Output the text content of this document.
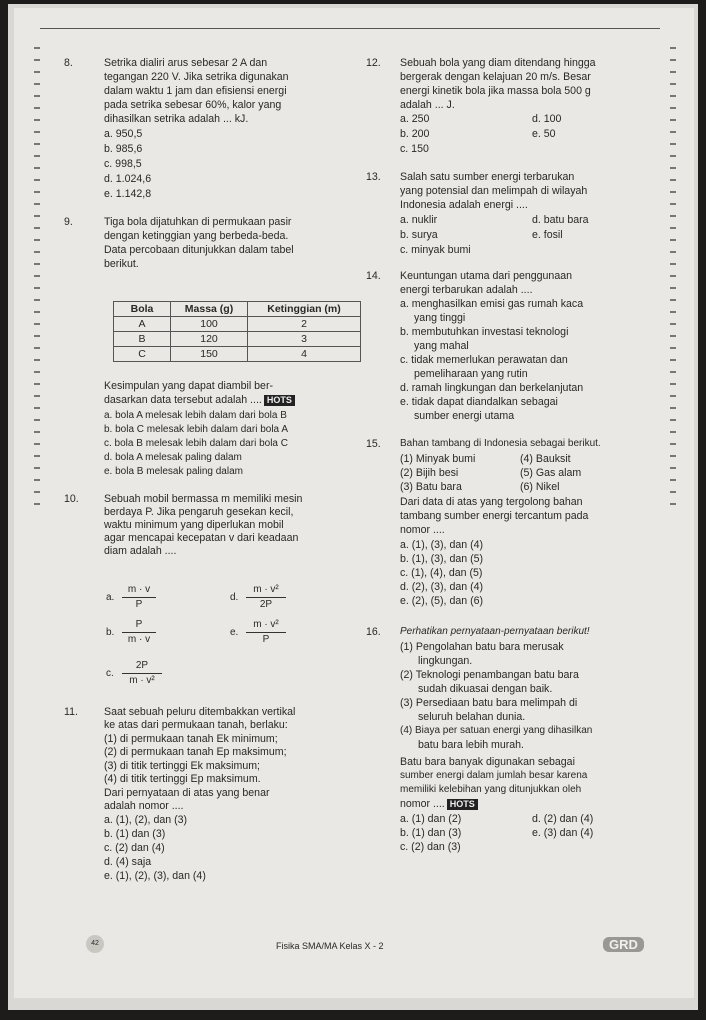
8.	Setrika dialiri arus sebesar 2 A dan
tegangan 220 V. Jika setrika digunakan
dalam waktu 1 jam dan efisiensi energi
pada setrika sebesar 60%, kalor yang
dihasilkan setrika adalah ... kJ.
a. 950,5
b. 985,6
c. 998,5
d. 1.024,6
e. 1.142,8
9.	Tiga bola dijatuhkan di permukaan pasir
dengan ketinggian yang berbeda-beda.
Data percobaan ditunjukkan dalam tabel
berikut.
Bola	Massa (g)	Ketinggian (m)
A	100	2
B	120	3
C	150	4
Kesimpulan yang dapat diambil ber-
dasarkan data tersebut adalah .... HOTS
a. bola A melesak lebih dalam dari bola B
b. bola C melesak lebih dalam dari bola A
c. bola B melesak lebih dalam dari bola C
d. bola A melesak paling dalam
e. bola B melesak paling dalam
10. Sebuah mobil bermassa m memiliki mesin
berdaya P. Jika pengaruh gesekan kecil,
waktu minimum yang diperlukan mobil
agar mencapai kecepatan v dari keadaan
diam adalah ....
a.
m · v
P
b.
P
m · v
c.
2P
m · v²
d.
m · v²
2P
e.
m · v²
P
11. Saat sebuah peluru ditembakkan vertikal
ke atas dari permukaan tanah, berlaku:
(1) di permukaan tanah Ek minimum;
(2) di permukaan tanah Ep maksimum;
(3) di titik tertinggi Ek maksimum;
(4) di titik tertinggi Ep maksimum.
Dari pernyataan di atas yang benar
adalah nomor ....
a. (1), (2), dan (3)
b. (1) dan (3)
c. (2) dan (4)
d. (4) saja
e. (1), (2), (3), dan (4)
12. Sebuah bola yang diam ditendang hingga
bergerak dengan kelajuan 20 m/s. Besar
energi kinetik bola jika massa bola 500 g
adalah ... J.
a. 250
b. 200
c. 150
d. 100
e. 50
13. Salah satu sumber energi terbarukan
yang potensial dan melimpah di wilayah
Indonesia adalah energi ....
a. nuklir
b. surya
c. minyak bumi
d. batu bara
e. fosil
14. Keuntungan utama dari penggunaan
energi terbarukan adalah ....
a. menghasilkan emisi gas rumah kaca
yang tinggi
b. membutuhkan investasi teknologi
yang mahal
c. tidak memerlukan perawatan dan
pemeliharaan yang rutin
d. ramah lingkungan dan berkelanjutan
e. tidak dapat diandalkan sebagai
sumber energi utama
15. Bahan tambang di Indonesia sebagai berikut.
(1) Minyak bumi
(2) Bijih besi
(3) Batu bara
(4) Bauksit
(5) Gas alam
(6) Nikel
Dari data di atas yang tergolong bahan
tambang sumber energi tercantum pada
nomor ....
a. (1), (3), dan (4)
b. (1), (3), dan (5)
c. (1), (4), dan (5)
d. (2), (3), dan (4)
e. (2), (5), dan (6)
16. Perhatikan pernyataan-pernyataan berikut!
(1) Pengolahan batu bara merusak
lingkungan.
(2) Teknologi penambangan batu bara
sudah dikuasai dengan baik.
(3) Persediaan batu bara melimpah di
seluruh belahan dunia.
(4) Biaya per satuan energi yang dihasilkan
batu bara lebih murah.
Batu bara banyak digunakan sebagai
sumber energi dalam jumlah besar karena
memiliki kelebihan yang ditunjukkan oleh
nomor .... HOTS
a. (1) dan (2)
b. (1) dan (3)
c. (2) dan (3)
d. (2) dan (4)
e. (3) dan (4)
42	Fisika SMA/MA Kelas X - 2	GRD
